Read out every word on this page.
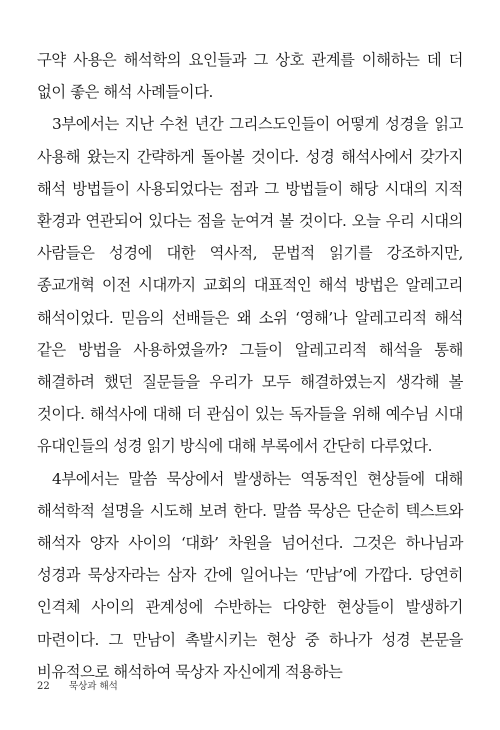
구약 사용은 해석학의 요인들과 그 상호 관계를 이해하는 데 더 없이 좋은 해석 사례들이다.

3부에서는 지난 수천 년간 그리스도인들이 어떻게 성경을 읽고 사용해 왔는지 간략하게 돌아볼 것이다. 성경 해석사에서 갖가지 해석 방법들이 사용되었다는 점과 그 방법들이 해당 시대의 지적 환경과 연관되어 있다는 점을 눈여겨 볼 것이다. 오늘 우리 시대의 사람들은 성경에 대한 역사적, 문법적 읽기를 강조하지만, 종교개혁 이전 시대까지 교회의 대표적인 해석 방법은 알레고리 해석이었다. 믿음의 선배들은 왜 소위 ‘영해’나 알레고리적 해석 같은 방법을 사용하였을까? 그들이 알레고리적 해석을 통해 해결하려 했던 질문들을 우리가 모두 해결하였는지 생각해 볼 것이다. 해석사에 대해 더 관심이 있는 독자들을 위해 예수님 시대 유대인들의 성경 읽기 방식에 대해 부록에서 간단히 다루었다.

4부에서는 말씀 묵상에서 발생하는 역동적인 현상들에 대해 해석학적 설명을 시도해 보려 한다. 말씀 묵상은 단순히 텍스트와 해석자 양자 사이의 ‘대화’ 차원을 넘어선다. 그것은 하나님과 성경과 묵상자라는 삼자 간에 일어나는 ‘만남’에 가깝다. 당연히 인격체 사이의 관계성에 수반하는 다양한 현상들이 발생하기 마련이다. 그 만남이 촉발시키는 현상 중 하나가 성경 본문을 비유적으로 해석하여 묵상자 자신에게 적용하는

22 묵상과 해석
